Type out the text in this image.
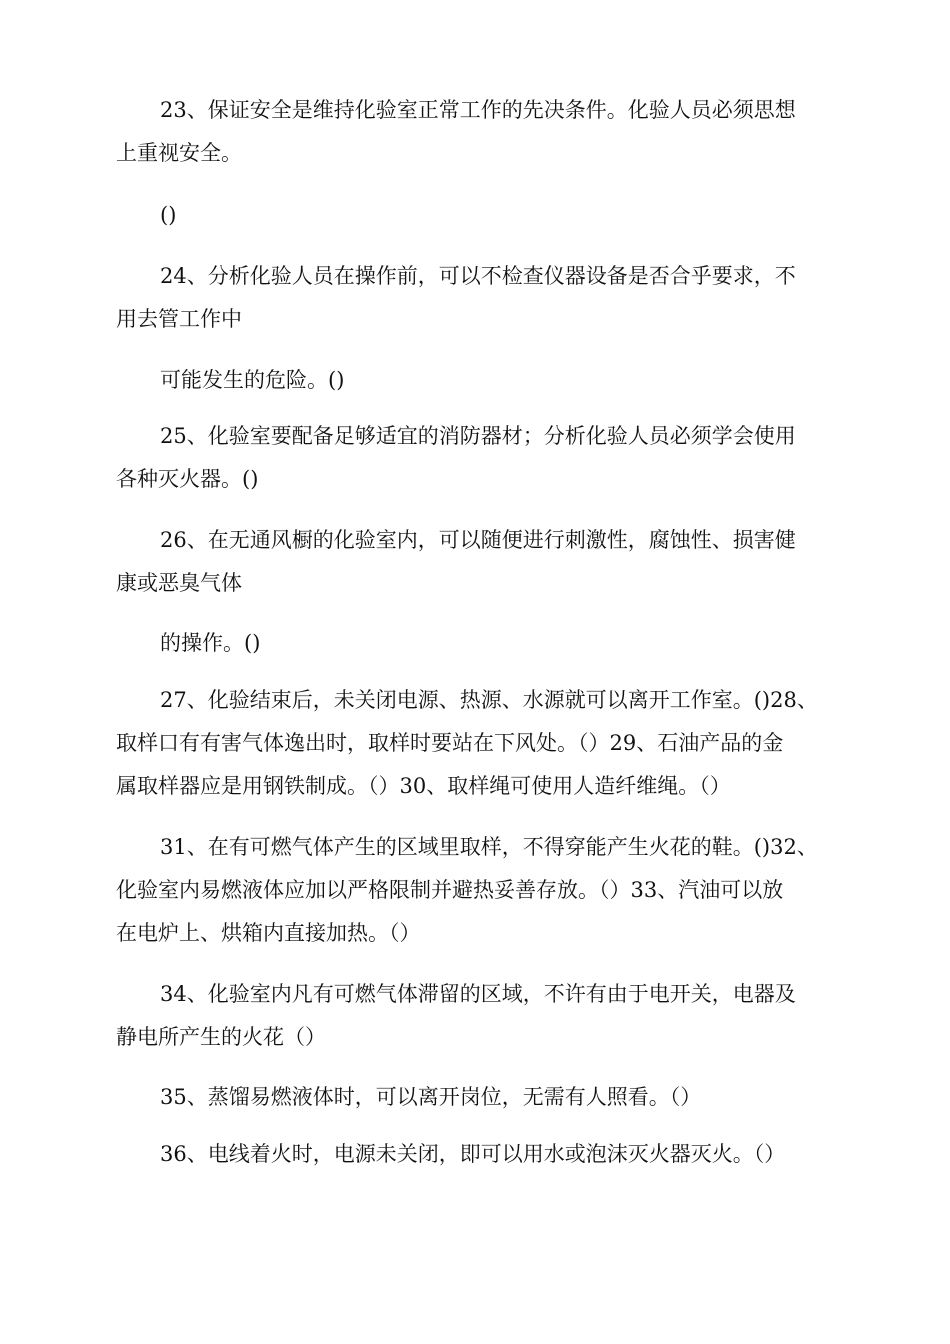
23、保证安全是维持化验室正常工作的先决条件。化验人员必须思想
上重视安全。
()
24、分析化验人员在操作前，可以不检查仪器设备是否合乎要求，不
用去管工作中
可能发生的危险。()
25、化验室要配备足够适宜的消防器材；分析化验人员必须学会使用
各种灭火器。()
26、在无通风橱的化验室内，可以随便进行刺激性，腐蚀性、损害健
康或恶臭气体
的操作。()
27、化验结束后，未关闭电源、热源、水源就可以离开工作室。()28、
取样口有有害气体逸出时，取样时要站在下风处。（）29、石油产品的金
属取样器应是用钢铁制成。（）30、取样绳可使用人造纤维绳。（）
31、在有可燃气体产生的区域里取样，不得穿能产生火花的鞋。()32、
化验室内易燃液体应加以严格限制并避热妥善存放。（）33、汽油可以放
在电炉上、烘箱内直接加热。（）
34、化验室内凡有可燃气体滞留的区域，不许有由于电开关，电器及
静电所产生的火花（）
35、蒸馏易燃液体时，可以离开岗位，无需有人照看。（）
36、电线着火时，电源未关闭，即可以用水或泡沫灭火器灭火。（）
